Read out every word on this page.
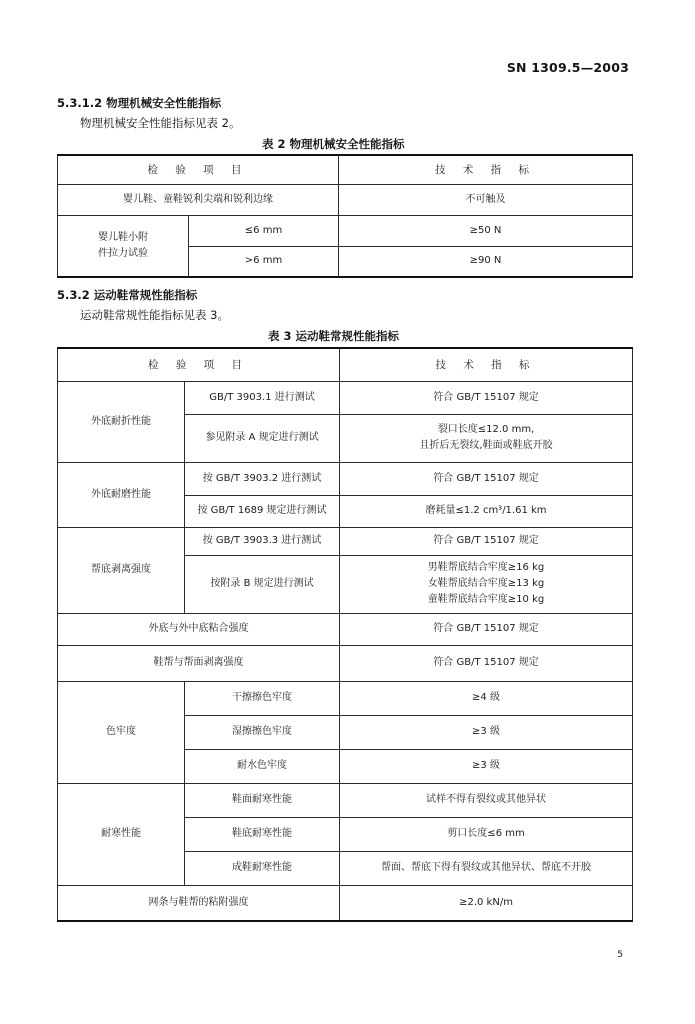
SN 1309.5—2003
5.3.1.2 物理机械安全性能指标
物理机械安全性能指标见表 2。
表 2 物理机械安全性能指标
检 验 项 目		技 术 指 标
婴儿鞋、童鞋锐利尖端和锐利边缘		不可触及

婴儿鞋小附
件拉力试验	≤6 mm	≥50 N
	>6 mm	≥90 N
5.3.2 运动鞋常规性能指标
运动鞋常规性能指标见表 3。
表 3 运动鞋常规性能指标
检 验 项 目		技 术 指 标
外底耐折性能	GB/T 3903.1 进行测试	符合 GB/T 15107 规定
	参见附录 A 规定进行测试	裂口长度≤12.0 mm,
且折后无裂纹,鞋面或鞋底开胶

外底耐磨性能	按 GB/T 3903.2 进行测试	符合 GB/T 15107 规定
	按 GB/T 1689 规定进行测试	磨耗量≤1.2 cm³/1.61 km
帮底剥离强度	按 GB/T 3903.3 进行测试	符合 GB/T 15107 规定
	按附录 B 规定进行测试	男鞋帮底结合牢度≥16 kg
女鞋帮底结合牢度≥13 kg
童鞋帮底结合牢度≥10 kg

外底与外中底粘合强度		符合 GB/T 15107 规定
鞋帮与帮面剥离强度		符合 GB/T 15107 规定
色牢度	干擦擦色牢度	≥4 级
	湿擦擦色牢度	≥3 级
	耐水色牢度	≥3 级
耐寒性能	鞋面耐寒性能	试样不得有裂纹或其他异状
	鞋底耐寒性能	剪口长度≤6 mm
	成鞋耐寒性能	帮面、帮底下得有裂纹或其他异状、帮底不开胶
网条与鞋帮的粘附强度		≥2.0 kN/m
5
